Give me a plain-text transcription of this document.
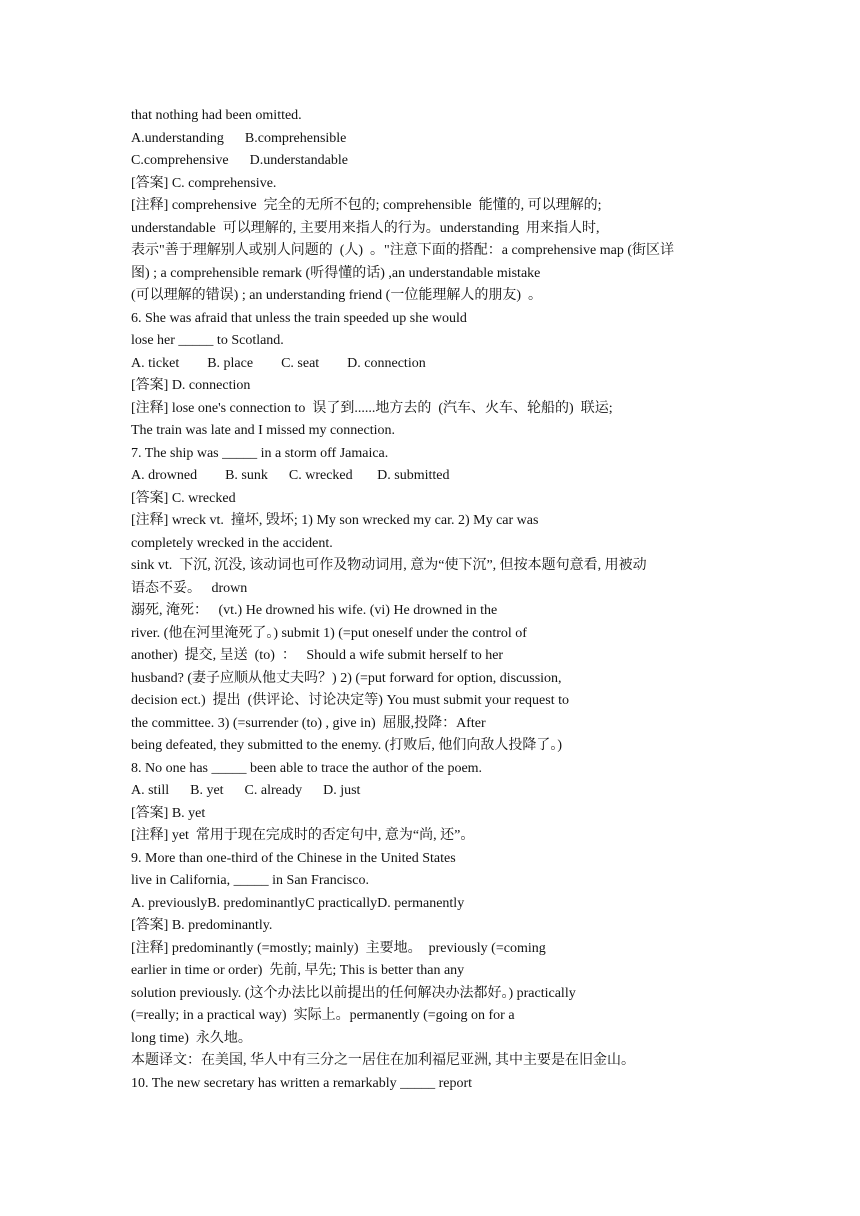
that nothing had been omitted.
A.understanding      B.comprehensible
C.comprehensive      D.understandable
[答案] C. comprehensive.
[注释] comprehensive  完全的无所不包的; comprehensible  能懂的, 可以理解的;
understandable  可以理解的, 主要用来指人的行为。understanding  用来指人时,
表示"善于理解别人或别人问题的  (人)  。"注意下面的搭配：a comprehensive map (街区详
图) ; a comprehensible remark (听得懂的话) ,an understandable mistake
(可以理解的错误) ; an understanding friend (一位能理解人的朋友)  。
6. She was afraid that unless the train speeded up she would
lose her _____ to Scotland.
A. ticket        B. place        C. seat        D. connection
[答案] D. connection
[注释] lose one's connection to  误了到......地方去的  (汽车、火车、轮船的)  联运;
The train was late and I missed my connection.
7. The ship was _____ in a storm off Jamaica.
A. drowned        B. sunk      C. wrecked       D. submitted
[答案] C. wrecked
[注释] wreck vt.  撞坏, 毁坏; 1) My son wrecked my car. 2) My car was
completely wrecked in the accident.
sink vt.  下沉, 沉没, 该动词也可作及物动词用, 意为“使下沉”, 但按本题句意看, 用被动
语态不妥。   drown
溺死, 淹死：   (vt.) He drowned his wife. (vi) He drowned in the
river. (他在河里淹死了。) submit 1) (=put oneself under the control of
another)  提交, 呈送  (to)  ：   Should a wife submit herself to her
husband? (妻子应顺从他丈夫吗？) 2) (=put forward for option, discussion,
decision ect.)  提出  (供评论、讨论决定等) You must submit your request to
the committee. 3) (=surrender (to) , give in)  屈服,投降：After
being defeated, they submitted to the enemy. (打败后, 他们向敌人投降了。)
8. No one has _____ been able to trace the author of the poem.
A. still      B. yet      C. already      D. just
[答案] B. yet
[注释] yet  常用于现在完成时的否定句中, 意为“尚, 还”。
9. More than one-third of the Chinese in the United States
live in California, _____ in San Francisco.
A. previouslyB. predominantlyC practicallyD. permanently
[答案] B. predominantly.
[注释] predominantly (=mostly; mainly)  主要地。  previously (=coming
earlier in time or order)  先前, 早先; This is better than any
solution previously. (这个办法比以前提出的任何解决办法都好。) practically
(=really; in a practical way)  实际上。permanently (=going on for a
long time)  永久地。
本题译文：在美国, 华人中有三分之一居住在加利福尼亚洲, 其中主要是在旧金山。
10. The new secretary has written a remarkably _____ report
